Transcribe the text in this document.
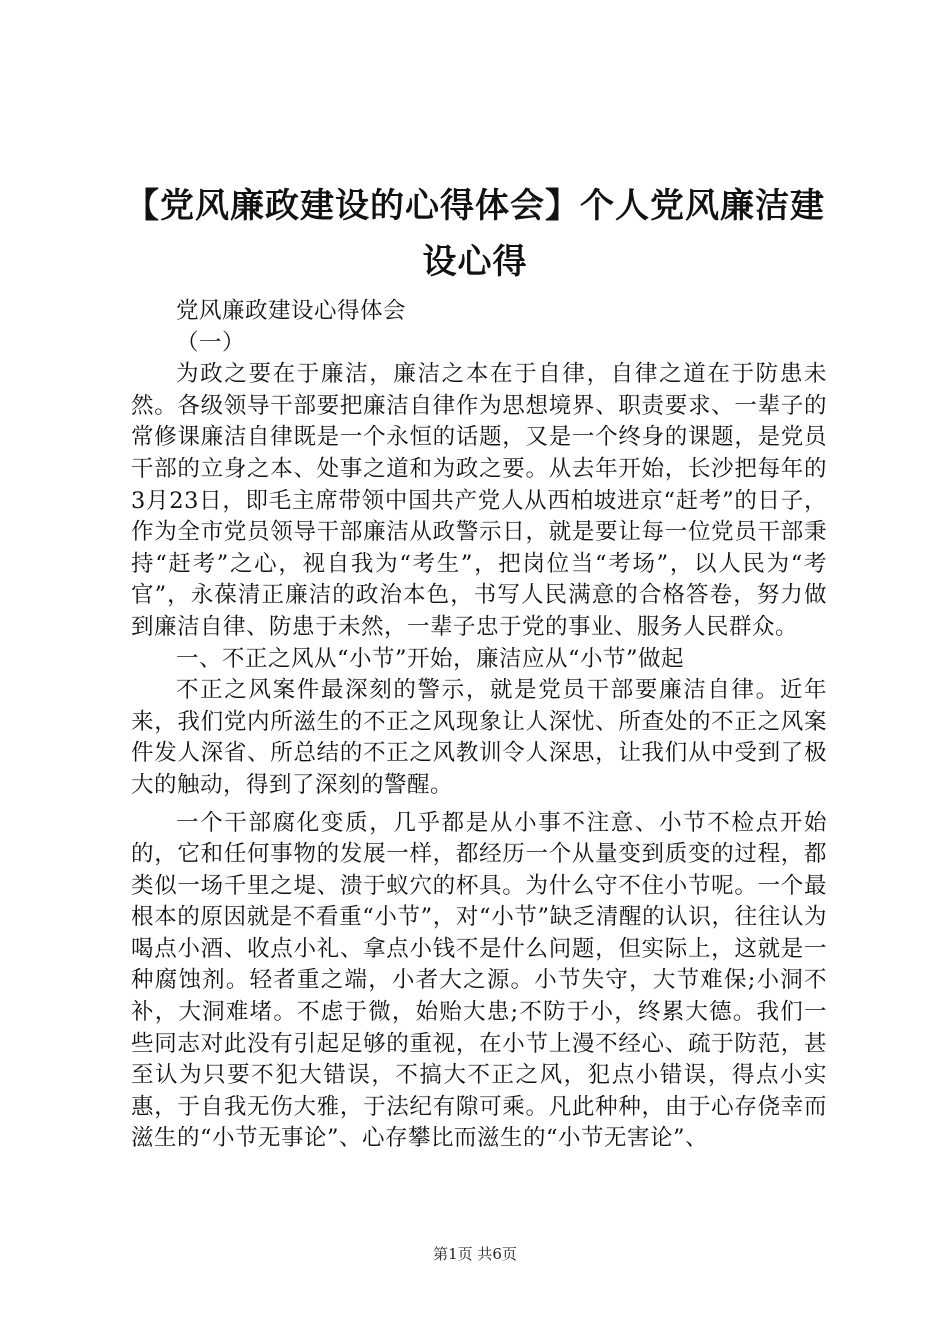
【党风廉政建设的心得体会】个人党风廉洁建设心得

党风廉政建设心得体会

（一）

为政之要在于廉洁，廉洁之本在于自律，自律之道在于防患未然。各级领导干部要把廉洁自律作为思想境界、职责要求、一辈子的常修课廉洁自律既是一个永恒的话题，又是一个终身的课题，是党员干部的立身之本、处事之道和为政之要。从去年开始，长沙把每年的3月23日，即毛主席带领中国共产党人从西柏坡进京“赶考”的日子，作为全市党员领导干部廉洁从政警示日，就是要让每一位党员干部秉持“赶考”之心，视自我为“考生”，把岗位当“考场”，以人民为“考官”，永葆清正廉洁的政治本色，书写人民满意的合格答卷，努力做到廉洁自律、防患于未然，一辈子忠于党的事业、服务人民群众。

一、不正之风从“小节”开始，廉洁应从“小节”做起

不正之风案件最深刻的警示，就是党员干部要廉洁自律。近年来，我们党内所滋生的不正之风现象让人深忧、所查处的不正之风案件发人深省、所总结的不正之风教训令人深思，让我们从中受到了极大的触动，得到了深刻的警醒。

一个干部腐化变质，几乎都是从小事不注意、小节不检点开始的，它和任何事物的发展一样，都经历一个从量变到质变的过程，都类似一场千里之堤、溃于蚁穴的杯具。为什么守不住小节呢。一个最根本的原因就是不看重“小节”，对“小节”缺乏清醒的认识，往往认为喝点小酒、收点小礼、拿点小钱不是什么问题，但实际上，这就是一种腐蚀剂。轻者重之端，小者大之源。小节失守，大节难保;小洞不补，大洞难堵。不虑于微，始贻大患;不防于小，终累大德。我们一些同志对此没有引起足够的重视，在小节上漫不经心、疏于防范，甚至认为只要不犯大错误，不搞大不正之风，犯点小错误，得点小实惠，于自我无伤大雅，于法纪有隙可乘。凡此种种，由于心存侥幸而滋生的“小节无事论”、心存攀比而滋生的“小节无害论”、

第1页 共6页
